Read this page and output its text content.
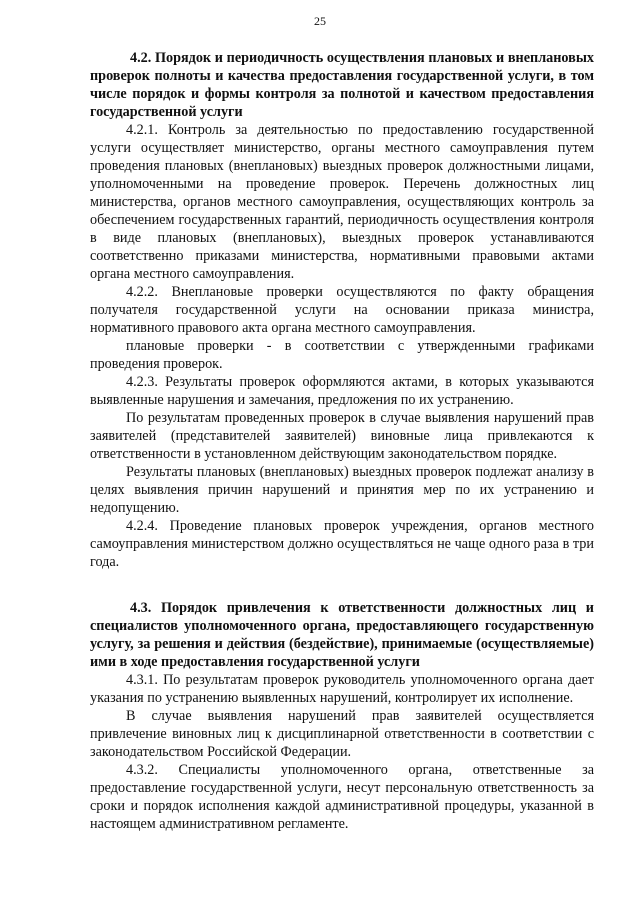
25

4.2. Порядок и периодичность осуществления плановых и внеплановых проверок полноты и качества предоставления государственной услуги, в том числе порядок и формы контроля за полнотой и качеством предоставления государственной услуги

4.2.1. Контроль за деятельностью по предоставлению государственной услуги осуществляет министерство, органы местного самоуправления путем проведения плановых (внеплановых) выездных проверок должностными лицами, уполномоченными на проведение проверок. Перечень должностных лиц министерства, органов местного самоуправления, осуществляющих контроль за обеспечением государственных гарантий, периодичность осуществления контроля в виде плановых (внеплановых), выездных проверок устанавливаются соответственно приказами министерства, нормативными правовыми актами органа местного самоуправления.

4.2.2. Внеплановые проверки осуществляются по факту обращения получателя государственной услуги на основании приказа министра, нормативного правового акта органа местного самоуправления.

плановые проверки - в соответствии с утвержденными графиками проведения проверок.

4.2.3. Результаты проверок оформляются актами, в которых указываются выявленные нарушения и замечания, предложения по их устранению.

По результатам проведенных проверок в случае выявления нарушений прав заявителей (представителей заявителей) виновные лица привлекаются к ответственности в установленном действующим законодательством порядке.

Результаты плановых (внеплановых) выездных проверок подлежат анализу в целях выявления причин нарушений и принятия мер по их устранению и недопущению.

4.2.4. Проведение плановых проверок учреждения, органов местного самоуправления министерством должно осуществляться не чаще одного раза в три года.

4.3. Порядок привлечения к ответственности должностных лиц и специалистов уполномоченного органа, предоставляющего государственную услугу, за решения и действия (бездействие), принимаемые (осуществляемые) ими в ходе предоставления государственной услуги

4.3.1. По результатам проверок руководитель уполномоченного органа дает указания по устранению выявленных нарушений, контролирует их исполнение.

В случае выявления нарушений прав заявителей осуществляется привлечение виновных лиц к дисциплинарной ответственности в соответствии с законодательством Российской Федерации.

4.3.2. Специалисты уполномоченного органа, ответственные за предоставление государственной услуги, несут персональную ответственность за сроки и порядок исполнения каждой административной процедуры, указанной в настоящем административном регламенте.
